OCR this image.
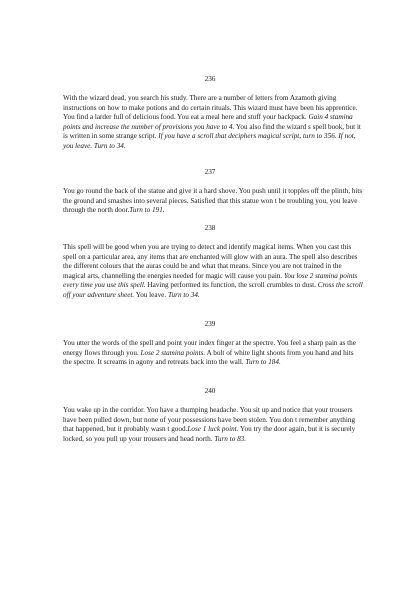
236
With the wizard dead, you search his study. There are a number of letters from Azamoth giving instructions on how to make potions and do certain rituals. This wizard must have been his apprentice. You find a larder full of delicious food. You eat a meal here and stuff your backpack. Gain 4 stamina points and increase the number of provisions you have to 4. You also find the wizard s spell book, but it is written in some strange script. If you have a scroll that deciphers magical script, turn to 356. If not, you leave. Turn to 34.
237
You go round the back of the statue and give it a hard shove. You push until it topples off the plinth, hits the ground and smashes into several pieces. Satisfied that this statue won t be troubling you, you leave through the north door.Turn to 191.
238
This spell will be good when you are trying to detect and identify magical items. When you cast this spell on a particular area, any items that are enchanted will glow with an aura. The spell also describes the different colours that the auras could be and what that means. Since you are not trained in the magical arts, channelling the energies needed for magic will cause you pain. You lose 2 stamina points every time you use this spell. Having performed its function, the scroll crumbles to dust. Cross the scroll off your adventure sheet. You leave. Turn to 34.
239
You utter the words of the spell and point your index finger at the spectre. You feel a sharp pain as the energy flows through you. Lose 2 stamina points. A bolt of white light shoots from you hand and hits the spectre. It screams in agony and retreats back into the wall. Turn to 184.
240
You wake up in the corridor. You have a thumping headache. You sit up and notice that your trousers have been pulled down, but none of your possessions have been stolen. You don t remember anything that happened, but it probably wasn t good.Lose 1 luck point. You try the door again, but it is securely locked, so you pull up your trousers and head north. Turn to 83.
